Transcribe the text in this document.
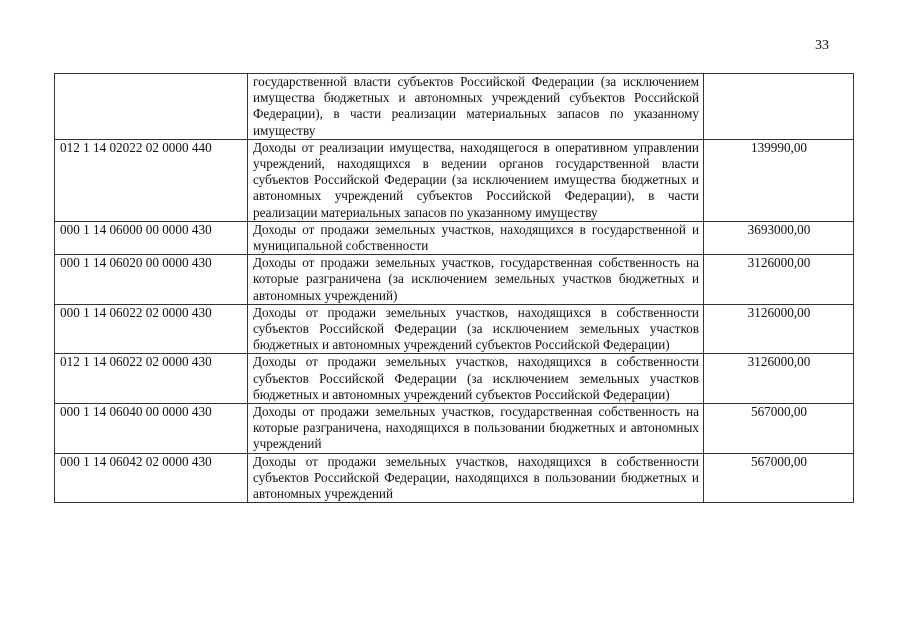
33
	государственной власти субъектов Российской Федерации (за исключением имущества бюджетных и автономных учреждений субъектов Российской Федерации), в части реализации материальных запасов по указанному имуществу	
012 1 14 02022 02 0000 440	Доходы от реализации имущества, находящегося в оперативном управлении учреждений, находящихся в ведении органов государственной власти субъектов Российской Федерации (за исключением имущества бюджетных и автономных учреждений субъектов Российской Федерации), в части реализации материальных запасов по указанному имуществу	139990,00
000 1 14 06000 00 0000 430	Доходы от продажи земельных участков, находящихся в государственной и муниципальной собственности	3693000,00
000 1 14 06020 00 0000 430	Доходы от продажи земельных участков, государственная собственность на которые разграничена (за исключением земельных участков бюджетных и автономных учреждений)	3126000,00
000 1 14 06022 02 0000 430	Доходы от продажи земельных участков, находящихся в собственности субъектов Российской Федерации (за исключением земельных участков бюджетных и автономных учреждений субъектов Российской Федерации)	3126000,00
012 1 14 06022 02 0000 430	Доходы от продажи земельных участков, находящихся в собственности субъектов Российской Федерации (за исключением земельных участков бюджетных и автономных учреждений субъектов Российской Федерации)	3126000,00
000 1 14 06040 00 0000 430	Доходы от продажи земельных участков, государственная собственность на которые разграничена, находящихся в пользовании бюджетных и автономных учреждений	567000,00
000 1 14 06042 02 0000 430	Доходы от продажи земельных участков, находящихся в собственности субъектов Российской Федерации, находящихся в пользовании бюджетных и автономных учреждений	567000,00
